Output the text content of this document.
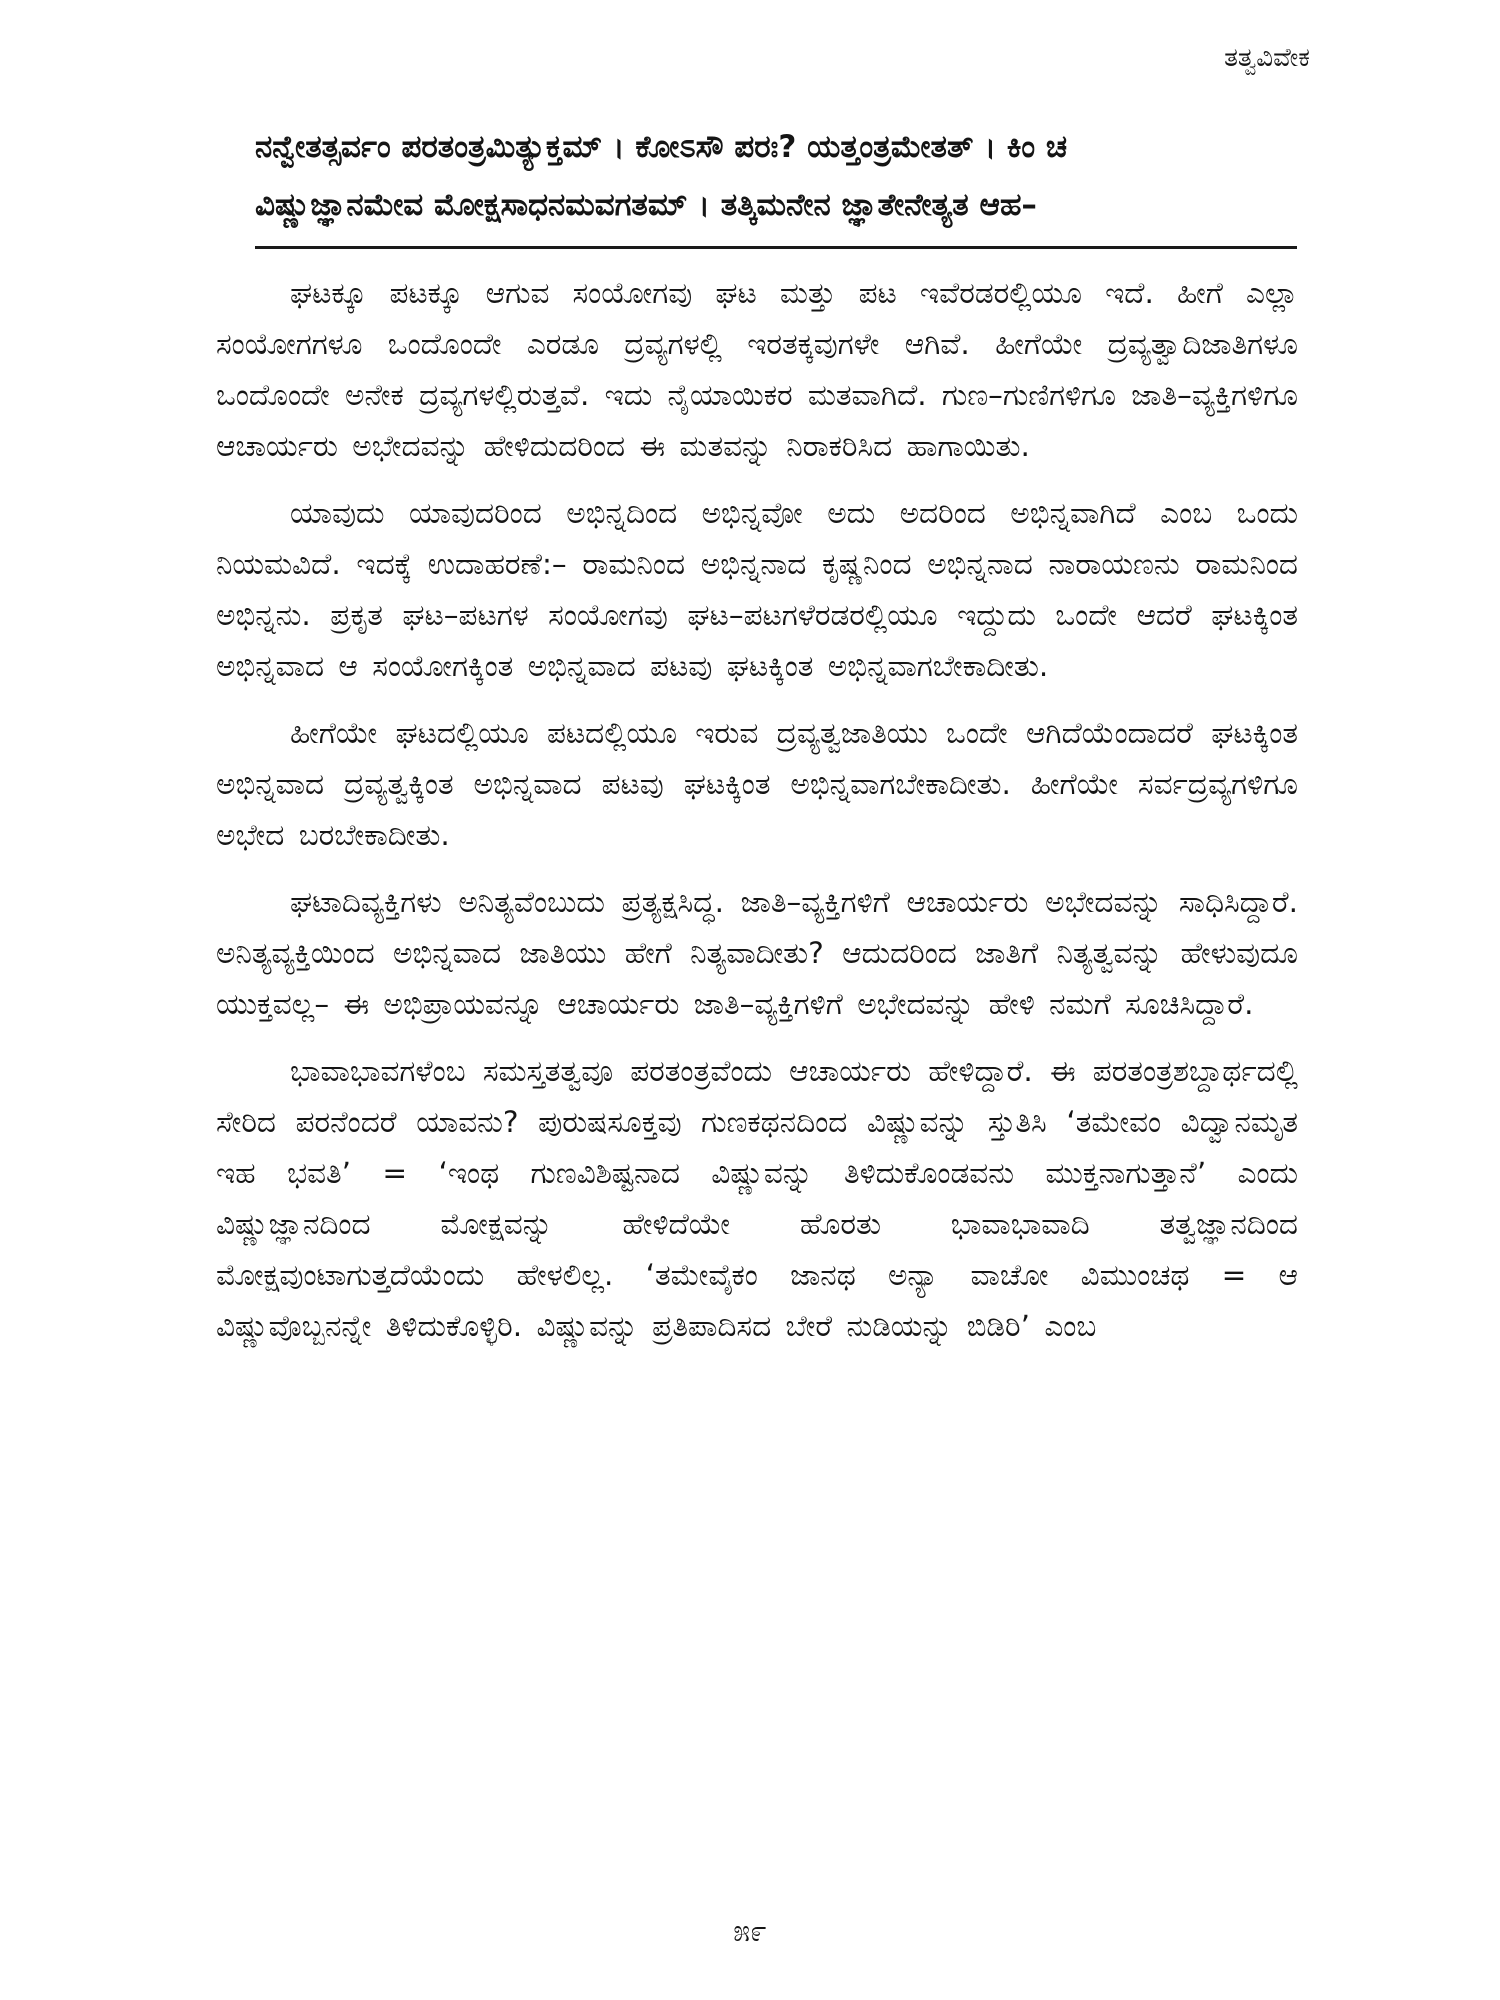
ತತ್ವವಿವೇಕ
ನನ್ವೇತತ್ಸರ್ವಂ ಪರತಂತ್ರಮಿತ್ಯುಕ್ತಮ್ । ಕೋಽಸೌ ಪರಃ? ಯತ್ತಂತ್ರಮೇತತ್ । ಕಿಂ ಚ
ವಿಷ್ಣುಜ್ಞಾನಮೇವ ಮೋಕ್ಷಸಾಧನಮವಗತಮ್ । ತತ್ಕಿಮನೇನ ಜ್ಞಾತೇನೇತ್ಯತ ಆಹ–

ಘಟಕ್ಕೂ ಪಟಕ್ಕೂ ಆಗುವ ಸಂಯೋಗವು ಘಟ ಮತ್ತು ಪಟ ಇವೆರಡರಲ್ಲಿಯೂ ಇದೆ. ಹೀಗೆ ಎಲ್ಲಾ ಸಂಯೋಗಗಳೂ ಒಂದೊಂದೇ ಎರಡೂ ದ್ರವ್ಯಗಳಲ್ಲಿ ಇರತಕ್ಕವುಗಳೇ ಆಗಿವೆ. ಹೀಗೆಯೇ ದ್ರವ್ಯತ್ವಾದಿಜಾತಿಗಳೂ ಒಂದೊಂದೇ ಅನೇಕ ದ್ರವ್ಯಗಳಲ್ಲಿರುತ್ತವೆ. ಇದು ನೈಯಾಯಿಕರ ಮತವಾಗಿದೆ. ಗುಣ–ಗುಣಿಗಳಿಗೂ ಜಾತಿ–ವ್ಯಕ್ತಿಗಳಿಗೂ ಆಚಾರ್ಯರು ಅಭೇದವನ್ನು ಹೇಳಿದುದರಿಂದ ಈ ಮತವನ್ನು ನಿರಾಕರಿಸಿದ ಹಾಗಾಯಿತು.

ಯಾವುದು ಯಾವುದರಿಂದ ಅಭಿನ್ನದಿಂದ ಅಭಿನ್ನವೋ ಅದು ಅದರಿಂದ ಅಭಿನ್ನವಾಗಿದೆ ಎಂಬ ಒಂದು ನಿಯಮವಿದೆ. ಇದಕ್ಕೆ ಉದಾಹರಣೆ:– ರಾಮನಿಂದ ಅಭಿನ್ನನಾದ ಕೃಷ್ಣನಿಂದ ಅಭಿನ್ನನಾದ ನಾರಾಯಣನು ರಾಮನಿಂದ ಅಭಿನ್ನನು. ಪ್ರಕೃತ ಘಟ–ಪಟಗಳ ಸಂಯೋಗವು ಘಟ–ಪಟಗಳೆರಡರಲ್ಲಿಯೂ ಇದ್ದುದು ಒಂದೇ ಆದರೆ ಘಟಕ್ಕಿಂತ ಅಭಿನ್ನವಾದ ಆ ಸಂಯೋಗಕ್ಕಿಂತ ಅಭಿನ್ನವಾದ ಪಟವು ಘಟಕ್ಕಿಂತ ಅಭಿನ್ನವಾಗಬೇಕಾದೀತು.

ಹೀಗೆಯೇ ಘಟದಲ್ಲಿಯೂ ಪಟದಲ್ಲಿಯೂ ಇರುವ ದ್ರವ್ಯತ್ವಜಾತಿಯು ಒಂದೇ ಆಗಿದೆಯೆಂದಾದರೆ ಘಟಕ್ಕಿಂತ ಅಭಿನ್ನವಾದ ದ್ರವ್ಯತ್ವಕ್ಕಿಂತ ಅಭಿನ್ನವಾದ ಪಟವು ಘಟಕ್ಕಿಂತ ಅಭಿನ್ನವಾಗಬೇಕಾದೀತು. ಹೀಗೆಯೇ ಸರ್ವದ್ರವ್ಯಗಳಿಗೂ ಅಭೇದ ಬರಬೇಕಾದೀತು.

ಘಟಾದಿವ್ಯಕ್ತಿಗಳು ಅನಿತ್ಯವೆಂಬುದು ಪ್ರತ್ಯಕ್ಷಸಿದ್ಧ. ಜಾತಿ–ವ್ಯಕ್ತಿಗಳಿಗೆ ಆಚಾರ್ಯರು ಅಭೇದವನ್ನು ಸಾಧಿಸಿದ್ದಾರೆ. ಅನಿತ್ಯವ್ಯಕ್ತಿಯಿಂದ ಅಭಿನ್ನವಾದ ಜಾತಿಯು ಹೇಗೆ ನಿತ್ಯವಾದೀತು? ಆದುದರಿಂದ ಜಾತಿಗೆ ನಿತ್ಯತ್ವವನ್ನು ಹೇಳುವುದೂ ಯುಕ್ತವಲ್ಲ– ಈ ಅಭಿಪ್ರಾಯವನ್ನೂ ಆಚಾರ್ಯರು ಜಾತಿ–ವ್ಯಕ್ತಿಗಳಿಗೆ ಅಭೇದವನ್ನು ಹೇಳಿ ನಮಗೆ ಸೂಚಿಸಿದ್ದಾರೆ.

ಭಾವಾಭಾವಗಳೆಂಬ ಸಮಸ್ತತತ್ವವೂ ಪರತಂತ್ರವೆಂದು ಆಚಾರ್ಯರು ಹೇಳಿದ್ದಾರೆ. ಈ ಪರತಂತ್ರಶಬ್ದಾರ್ಥದಲ್ಲಿ ಸೇರಿದ ಪರನೆಂದರೆ ಯಾವನು? ಪುರುಷಸೂಕ್ತವು ಗುಣಕಥನದಿಂದ ವಿಷ್ಣುವನ್ನು ಸ್ತುತಿಸಿ ‘ತಮೇವಂ ವಿದ್ವಾನಮೃತ ಇಹ ಭವತಿ’ = ‘ಇಂಥ ಗುಣವಿಶಿಷ್ಟನಾದ ವಿಷ್ಣುವನ್ನು ತಿಳಿದುಕೊಂಡವನು ಮುಕ್ತನಾಗುತ್ತಾನೆ’ ಎಂದು ವಿಷ್ಣುಜ್ಞಾನದಿಂದ ಮೋಕ್ಷವನ್ನು ಹೇಳಿದೆಯೇ ಹೊರತು ಭಾವಾಭಾವಾದಿ ತತ್ವಜ್ಞಾನದಿಂದ ಮೋಕ್ಷವುಂಟಾಗುತ್ತದೆಯೆಂದು ಹೇಳಲಿಲ್ಲ. ‘ತಮೇವೈಕಂ ಜಾನಥ ಅನ್ಯಾ ವಾಚೋ ವಿಮುಂಚಥ = ಆ ವಿಷ್ಣುವೊಬ್ಬನನ್ನೇ ತಿಳಿದುಕೊಳ್ಳಿರಿ. ವಿಷ್ಣುವನ್ನು ಪ್ರತಿಪಾದಿಸದ ಬೇರೆ ನುಡಿಯನ್ನು ಬಿಡಿರಿ’ ಎಂಬ

೫೯
